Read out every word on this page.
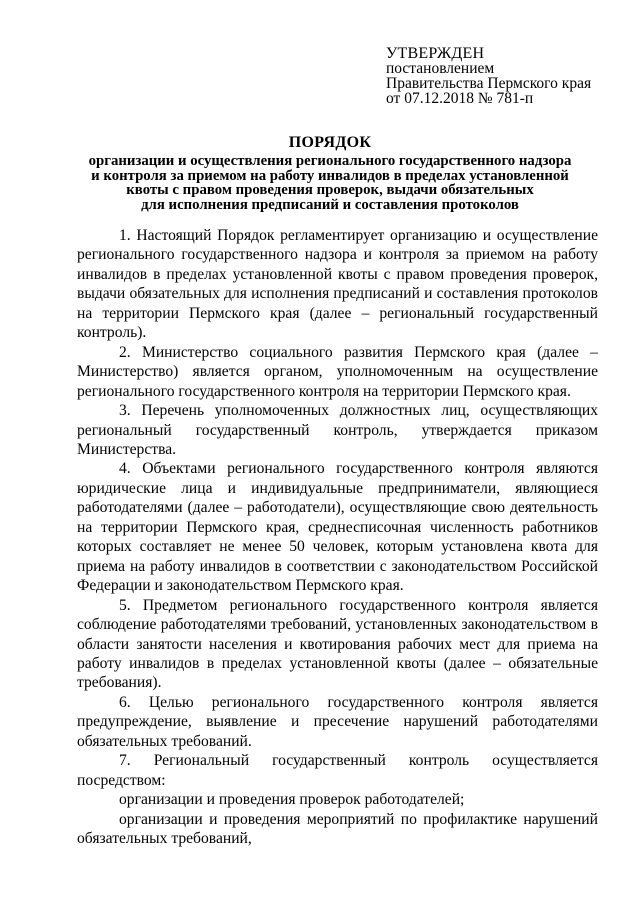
УТВЕРЖДЕН
постановлением
Правительства Пермского края
от 07.12.2018 № 781-п
ПОРЯДОК
организации и осуществления регионального государственного надзора
и контроля за приемом на работу инвалидов в пределах установленной
квоты с правом проведения проверок, выдачи обязательных
для исполнения предписаний и составления протоколов

1. Настоящий Порядок регламентирует организацию и осуществление регионального государственного надзора и контроля за приемом на работу инвалидов в пределах установленной квоты с правом проведения проверок, выдачи обязательных для исполнения предписаний и составления протоколов на территории Пермского края (далее – региональный государственный контроль).

2. Министерство социального развития Пермского края (далее – Министерство) является органом, уполномоченным на осуществление регионального государственного контроля на территории Пермского края.

3. Перечень уполномоченных должностных лиц, осуществляющих региональный государственный контроль, утверждается приказом Министерства.

4. Объектами регионального государственного контроля являются юридические лица и индивидуальные предприниматели, являющиеся работодателями (далее – работодатели), осуществляющие свою деятельность на территории Пермского края, среднесписочная численность работников которых составляет не менее 50 человек, которым установлена квота для приема на работу инвалидов в соответствии с законодательством Российской Федерации и законодательством Пермского края.

5. Предметом регионального государственного контроля является соблюдение работодателями требований, установленных законодательством в области занятости населения и квотирования рабочих мест для приема на работу инвалидов в пределах установленной квоты (далее – обязательные требования).

6. Целью регионального государственного контроля является предупреждение, выявление и пресечение нарушений работодателями обязательных требований.

7. Региональный государственный контроль осуществляется посредством:

организации и проведения проверок работодателей;

организации и проведения мероприятий по профилактике нарушений обязательных требований,
